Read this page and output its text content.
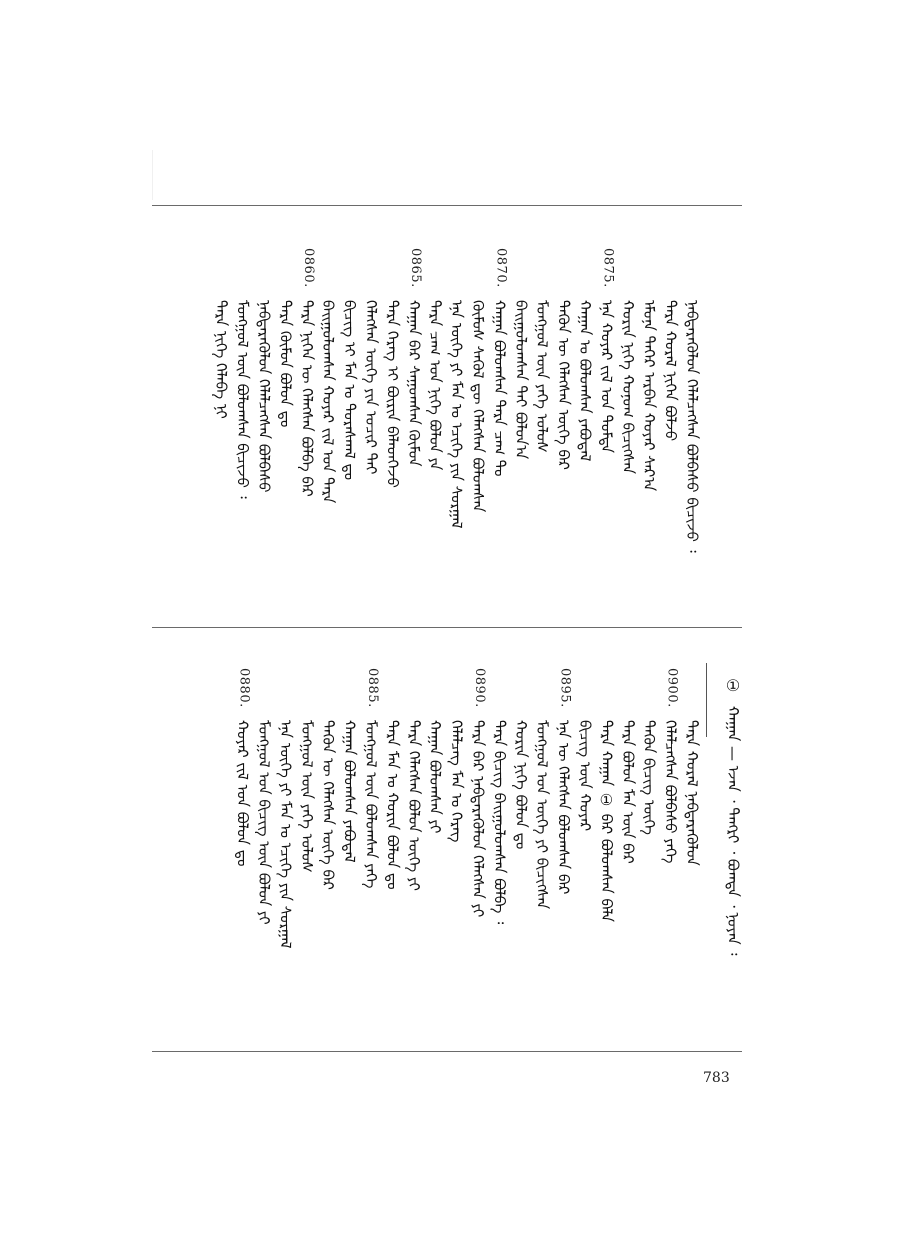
ᠨᠡᠪᠲᠡᠷᠡᠭᠦᠯᠦᠨ ᠬᠡᠯᠡᠯᠴᠡᠭᠰᠡᠨ ᠪᠣᠯᠪᠠᠰᠤ ᠪᠢᠴᠢᠵᠦ ᠄
ᠲᠡᠷᠡ ᠬᠤᠷᠠᠯ ᠨᠢᠭᠡᠨ ᠪᠣᠯᠵᠤ
ᠡᠮᠦᠨᠡ ᠳᠡᠭᠡᠷ ᠠᠷᠪᠠᠨ ᠬᠣᠶᠠᠷ ᠰᠠᠷ᠎ᠠ
ᠬᠣᠷᠢᠨ ᠨᠢᠭᠡ ᠬᠣᠨᠤᠭ ᠪᠢᠴᠢᠭᠰᠡᠨ
0875.
ᠡᠨᠡ ᠬᠣᠶᠠᠷ ᠵᠢᠯ ᠤᠨ ᠳᠤᠮᠳᠠ
ᠬᠠᠭᠠᠨ ᠤ ᠪᠣᠯᠤᠭᠰᠠᠨ ᠶᠠᠪᠤᠳᠠᠯ
ᠲᠡᠭᠦᠨ ᠦ ᠬᠡᠯᠡᠭᠰᠡᠨ ᠦᠭᠡ ᠪᠡᠷ
ᠮᠣᠩᠭᠣᠯ ᠦᠨ ᠶᠡᠬᠡ ᠤᠯᠤᠰ
ᠪᠠᠢᠭᠤᠯᠤᠭᠰᠠᠨ ᠲᠠᠢ ᠪᠣᠯᠤᠨ᠎ᠠ
0870.
ᠬᠠᠭᠠᠨ ᠪᠣᠯᠤᠭᠰᠠᠨ ᠲᠡᠷᠡ ᠴᠠᠭ ᠲᠤ
ᠬᠦᠮᠦᠰ ᠰᠡᠭᠦᠯ ᠳᠦ ᠬᠡᠯᠡᠭᠰᠡᠨ ᠪᠣᠯᠤᠭᠰᠠᠨ
ᠡᠨᠡ ᠦᠭᠡ ᠶᠢ ᠮᠠᠨ ᠤ ᠡᠴᠢᠭᠡ ᠶᠢᠨ ᠰᠤᠷᠭᠠᠯ
ᠲᠡᠷᠡ ᠴᠠᠭ ᠤᠨ ᠨᠢᠭᠡ ᠪᠣᠯᠤᠨ ᠶᠠ
0865.
ᠬᠠᠭᠠᠨ ᠪᠡᠷ ᠰᠠᠭᠤᠭᠰᠠᠨ ᠬᠦᠮᠦᠨ
ᠲᠡᠷᠡ ᠬᠡᠷᠡᠭ ᠢ ᠪᠦᠷᠢᠨ ᠪᠡᠯᠡᠳᠬᠡᠵᠦ
ᠬᠡᠯᠡᠭᠰᠡᠨ ᠦᠭᠡ ᠶᠢᠨ ᠤᠴᠢᠷ ᠲᠠᠢ
ᠪᠢᠴᠢᠭ ᠢ ᠮᠠᠨ ᠤ ᠳᠤᠷᠠᠰᠬᠠᠯ ᠳᠤ
ᠪᠠᠢᠭᠤᠯᠤᠭᠰᠠᠨ ᠬᠣᠶᠠᠷ ᠵᠢᠯ ᠤᠨ ᠲᠡᠷᠡ
0860.
ᠲᠡᠷᠡ ᠨᠢᠭᠡᠨ ᠦ ᠬᠡᠯᠡᠭᠰᠡᠨ ᠪᠣᠯᠪᠠ ᠪᠡᠷ
ᠲᠡᠷᠡ ᠬᠦᠮᠦᠨ ᠪᠣᠯᠤᠨ ᠳᠤ
ᠨᠡᠪᠲᠡᠷᠡᠭᠦᠯᠦᠨ ᠬᠡᠯᠡᠯᠴᠡᠭᠰᠡᠨ ᠪᠣᠯᠪᠠᠰᠤ
ᠮᠣᠩᠭᠣᠯ ᠦᠨ ᠪᠣᠯᠤᠭᠰᠠᠨ ᠪᠢᠴᠢᠵᠦ ᠄
ᠲᠡᠷᠡ ᠨᠢᠭᠡ ᠬᠡᠯᠡᠪᠡ ᠨᠢ
ᠲᠡᠷᠡ ᠬᠤᠷᠠᠯ ᠨᠡᠪᠲᠡᠷᠡᠭᠦᠯᠦᠨ
0900.
ᠬᠡᠯᠡᠯᠴᠡᠭᠰᠡᠨ ᠪᠣᠯᠪᠠᠰᠤ ᠶᠡᠬᠡ
ᠲᠡᠭᠦᠨ ᠪᠢᠴᠢᠭ ᠦᠭᠡ
ᠲᠡᠷᠡ ᠪᠣᠯᠤᠨ ᠮᠠᠨ ᠦᠨ ᠪᠡᠷ
ᠲᠡᠷᠡ ᠬᠠᠭᠠᠨ ① ᠪᠡᠷ ᠪᠣᠯᠤᠭᠰᠠᠨ ᠪᠡᠯᠡ
ᠪᠢᠴᠢᠭ ᠦᠨ ᠬᠣᠶᠠᠷ
0895.
ᠡᠨᠡ ᠦ ᠬᠡᠯᠡᠭᠰᠡᠨ ᠪᠣᠯᠤᠭᠰᠠᠨ ᠪᠡᠷ
ᠮᠣᠩᠭᠣᠯ ᠤᠨ ᠦᠭᠡ ᠶᠢ ᠪᠢᠴᠢᠭᠰᠡᠨ
ᠬᠣᠷᠢᠨ ᠨᠢᠭᠡ ᠪᠣᠯᠤᠨ ᠳᠤ
ᠲᠡᠷᠡ ᠪᠢᠴᠢᠭ ᠪᠠᠢᠭᠤᠯᠤᠭᠰᠠᠨ ᠪᠣᠯᠪᠠ ᠄
0890.
ᠲᠡᠷᠡ ᠪᠡᠷ ᠨᠡᠪᠲᠡᠷᠡᠭᠦᠯᠦᠨ ᠬᠡᠯᠡᠭᠰᠡᠨ ᠶᠢ
ᠬᠡᠯᠡᠯᠴᠡᠭ ᠮᠠᠨ ᠤ ᠬᠡᠷᠡᠭ
ᠬᠠᠭᠠᠨ ᠪᠣᠯᠤᠭᠰᠠᠨ ᠶᠢ
ᠲᠡᠷᠡ ᠬᠡᠯᠡᠭᠰᠡᠨ ᠪᠣᠯᠤᠨ ᠦᠭᠡ ᠶᠢ
ᠲᠡᠷᠡ ᠮᠠᠨ ᠤ ᠬᠣᠷᠢᠨ ᠪᠣᠯᠤᠨ ᠳᠤ
0885.
ᠮᠣᠩᠭᠣᠯ ᠦᠨ ᠪᠣᠯᠤᠭᠰᠠᠨ ᠶᠡᠬᠡ
ᠬᠠᠭᠠᠨ ᠪᠣᠯᠤᠭᠰᠠᠨ ᠶᠠᠪᠤᠳᠠᠯ
ᠲᠡᠭᠦᠨ ᠦ ᠬᠡᠯᠡᠭᠰᠡᠨ ᠦᠭᠡ ᠪᠡᠷ
ᠮᠣᠩᠭᠣᠯ ᠦᠨ ᠶᠡᠬᠡ ᠤᠯᠤᠰ
ᠡᠨᠡ ᠦᠭᠡ ᠶᠢ ᠮᠠᠨ ᠤ ᠡᠴᠢᠭᠡ ᠶᠢᠨ ᠰᠤᠷᠭᠠᠯ
ᠮᠣᠩᠭᠣᠯ ᠤᠨ ᠪᠢᠴᠢᠭ ᠦᠨ ᠪᠣᠯᠤᠨ ᠶᠢ
0880.
ᠬᠣᠶᠠᠷ ᠵᠢᠯ ᠤᠨ ᠪᠣᠯᠤᠨ ᠳᠤ
①
ᠬᠠᠭᠠᠨ — ᠡᠵᠡᠨ ᠂ ᠲᠡᠩᠷᠢ ᠂ ᠪᠣᠭᠳᠠ ᠂ ᠨᠣᠶᠠᠨ ᠄
783
